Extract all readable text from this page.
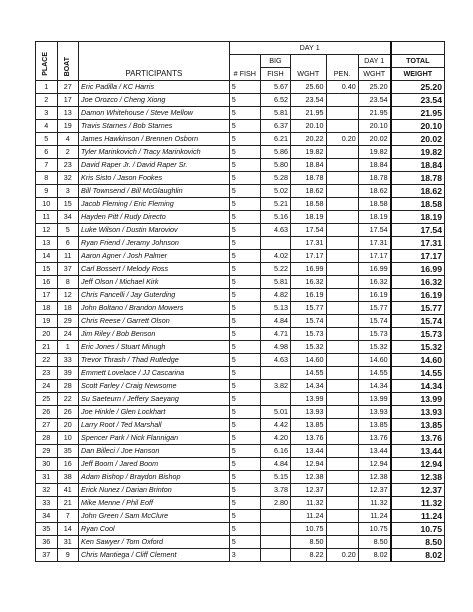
PLACE	BOAT	PARTICIPANTS	DAY 1					
			# FISH	BIG	WGHT	PEN.	DAY 1	TOTAL
				FISH			WGHT	WEIGHT
1	27	Eric Padilla / KC Harris	5	5.67	25.60	0.40	25.20	25.20
2	17	Joe Orozco / Cheng Xiong	5	6.52	23.54		23.54	23.54
3	13	Damon Whitehouse / Steve Mellow	5	5.81	21.95		21.95	21.95
4	19	Travis Starnes / Bob Starnes	5	6.37	20.10		20.10	20.10
5	4	James Hawkinson / Brennen Osborn	5	6.21	20.22	0.20	20.02	20.02
6	2	Tyler Marinkovich / Tracy Marinkovich	5	5.86	19.82		19.82	19.82
7	23	David Raper Jr. / David Raper Sr.	5	5.80	18.84		18.84	18.84
8	32	Kris Sisto / Jason Fookes	5	5.28	18.78		18.78	18.78
9	3	Bill Townsend / Bill McGlaughlin	5	5.02	18.62		18.62	18.62
10	15	Jacob Fleming / Eric Fleming	5	5.21	18.58		18.58	18.58
11	34	Hayden Pitt / Rudy Directo	5	5.16	18.19		18.19	18.19
12	5	Luke Wilson / Dustin Maroviov	5	4.63	17.54		17.54	17.54
13	6	Ryan Friend / Jeramy Johnson	5		17.31		17.31	17.31
14	11	Aaron Agner / Josh Palmer	5	4.02	17.17		17.17	17.17
15	37	Carl Bossert / Melody Ross	5	5.22	16.99		16.99	16.99
16	8	Jeff Olson / Michael Kirk	5	5.81	16.32		16.32	16.32
17	12	Chris Fancelli / Jay Guterding	5	4.82	16.19		16.19	16.19
18	18	John Boltano / Brandon Mowers	5	5.13	15.77		15.77	15.77
19	29	Chris Reese / Garrett Olson	5	4.84	15.74		15.74	15.74
20	24	Jim Riley / Bob Benson	5	4.71	15.73		15.73	15.73
21	1	Eric Jones / Stuart Minugh	5	4.98	15.32		15.32	15.32
22	33	Trevor Thrash / Thad Rutledge	5	4.63	14.60		14.60	14.60
23	39	Emmett Lovelace / JJ Cascarina	5		14.55		14.55	14.55
24	28	Scott Farley / Craig Newsome	5	3.82	14.34		14.34	14.34
25	22	Su Saeteurn / Jeffery Saeyang	5		13.99		13.99	13.99
26	26	Joe Hinkle / Glen Lockhart	5	5.01	13.93		13.93	13.93
27	20	Larry Root / Ted Marshall	5	4.42	13.85		13.85	13.85
28	10	Spencer Park / Nick Flannigan	5	4.20	13.76		13.76	13.76
29	35	Dan Billeci / Joe Hanson	5	6.16	13.44		13.44	13.44
30	16	Jeff Boom / Jared Boom	5	4.84	12.94		12.94	12.94
31	38	Adam Bishop / Braydon Bishop	5	5.15	12.38		12.38	12.38
32	41	Erick Nunez / Darian Brinton	5	3.78	12.37		12.37	12.37
33	21	Mike Menne / Phil Eoff	5	2.80	11.32		11.32	11.32
34	7	John Green / Sam McClure	5		11.24		11.24	11.24
35	14	Ryan Cool	5		10.75		10.75	10.75
36	31	Ken Sawyer / Tom Oxford	5		8.50		8.50	8.50
37	9	Chris Mantiega / Cliff Clement	3		8.22	0.20	8.02	8.02
